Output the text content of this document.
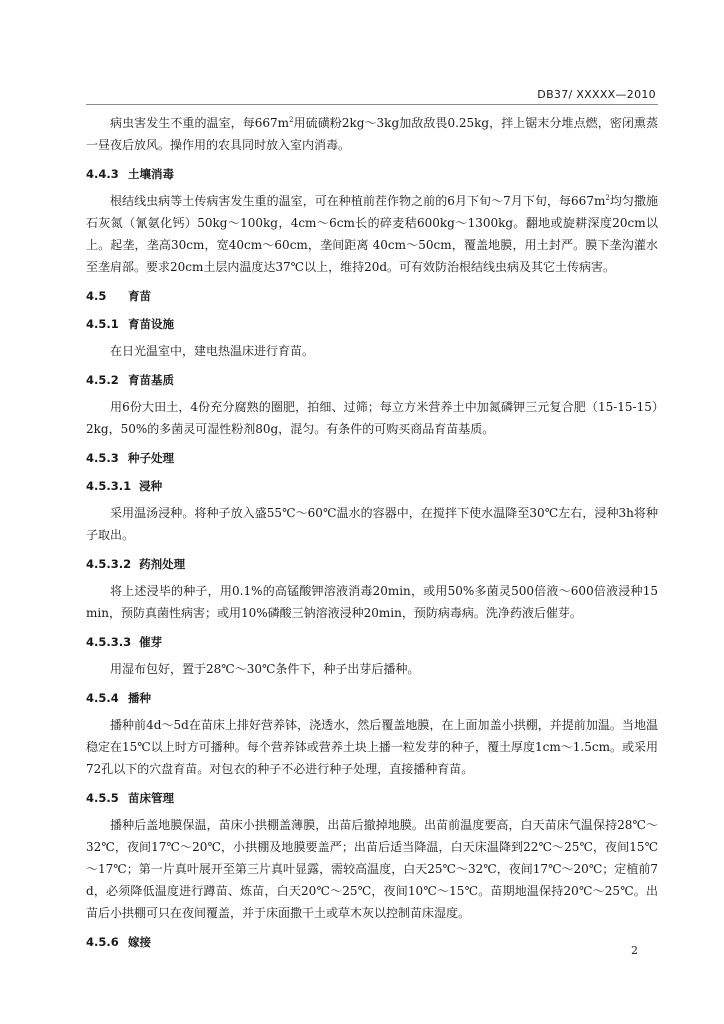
DB37/ XXXXX—2010

病虫害发生不重的温室，每$667m^2$用硫磺粉2kg～3kg加敌敌畏0.25kg，拌上锯末分堆点燃，密闭熏蒸一昼夜后放风。操作用的农具同时放入室内消毒。

4.4.3 土壤消毒

根结线虫病等土传病害发生重的温室，可在种植前茬作物之前的6月下旬～7月下旬，每$667m^2$均匀撒施石灰氮（氰氨化钙）50kg～100kg，4cm～6cm长的碎麦秸600kg～1300kg。翻地或旋耕深度20cm以上。起垄，垄高30cm，宽40cm～60cm，垄间距离 40cm～50cm，覆盖地膜，用土封严。膜下垄沟灌水至垄肩部。要求20cm土层内温度达37℃以上，维持20d。可有效防治根结线虫病及其它土传病害。

4.5 育苗
4.5.1 育苗设施

在日光温室中，建电热温床进行育苗。

4.5.2 育苗基质

用6份大田土，4份充分腐熟的圈肥，拍细、过筛；每立方米营养土中加氮磷钾三元复合肥（15-15-15）2kg，50%的多菌灵可湿性粉剂80g，混匀。有条件的可购买商品育苗基质。

4.5.3 种子处理
4.5.3.1 浸种

采用温汤浸种。将种子放入盛55℃～60℃温水的容器中，在搅拌下使水温降至30℃左右，浸种3h将种子取出。

4.5.3.2 药剂处理

将上述浸毕的种子，用0.1%的高锰酸钾溶液消毒20min，或用50%多菌灵500倍液～600倍液浸种15min，预防真菌性病害；或用10%磷酸三钠溶液浸种20min，预防病毒病。洗净药液后催芽。

4.5.3.3 催芽

用湿布包好，置于28℃～30℃条件下，种子出芽后播种。

4.5.4 播种

播种前4d～5d在苗床上排好营养钵，浇透水，然后覆盖地膜，在上面加盖小拱棚，并提前加温。当地温稳定在15℃以上时方可播种。每个营养钵或营养土块上播一粒发芽的种子，覆土厚度1cm～1.5cm。或采用72孔以下的穴盘育苗。对包衣的种子不必进行种子处理，直接播种育苗。

4.5.5 苗床管理

播种后盖地膜保温，苗床小拱棚盖薄膜，出苗后撤掉地膜。出苗前温度要高，白天苗床气温保持28℃～32℃，夜间17℃～20℃，小拱棚及地膜要盖严；出苗后适当降温，白天床温降到22℃～25℃，夜间15℃～17℃；第一片真叶展开至第三片真叶显露，需较高温度，白天25℃～32℃，夜间17℃～20℃；定植前7d，必须降低温度进行蹲苗、炼苗，白天20℃～25℃，夜间10℃～15℃。苗期地温保持20℃～25℃。出苗后小拱棚可只在夜间覆盖，并于床面撒干土或草木灰以控制苗床湿度。

4.5.6 嫁接
2
